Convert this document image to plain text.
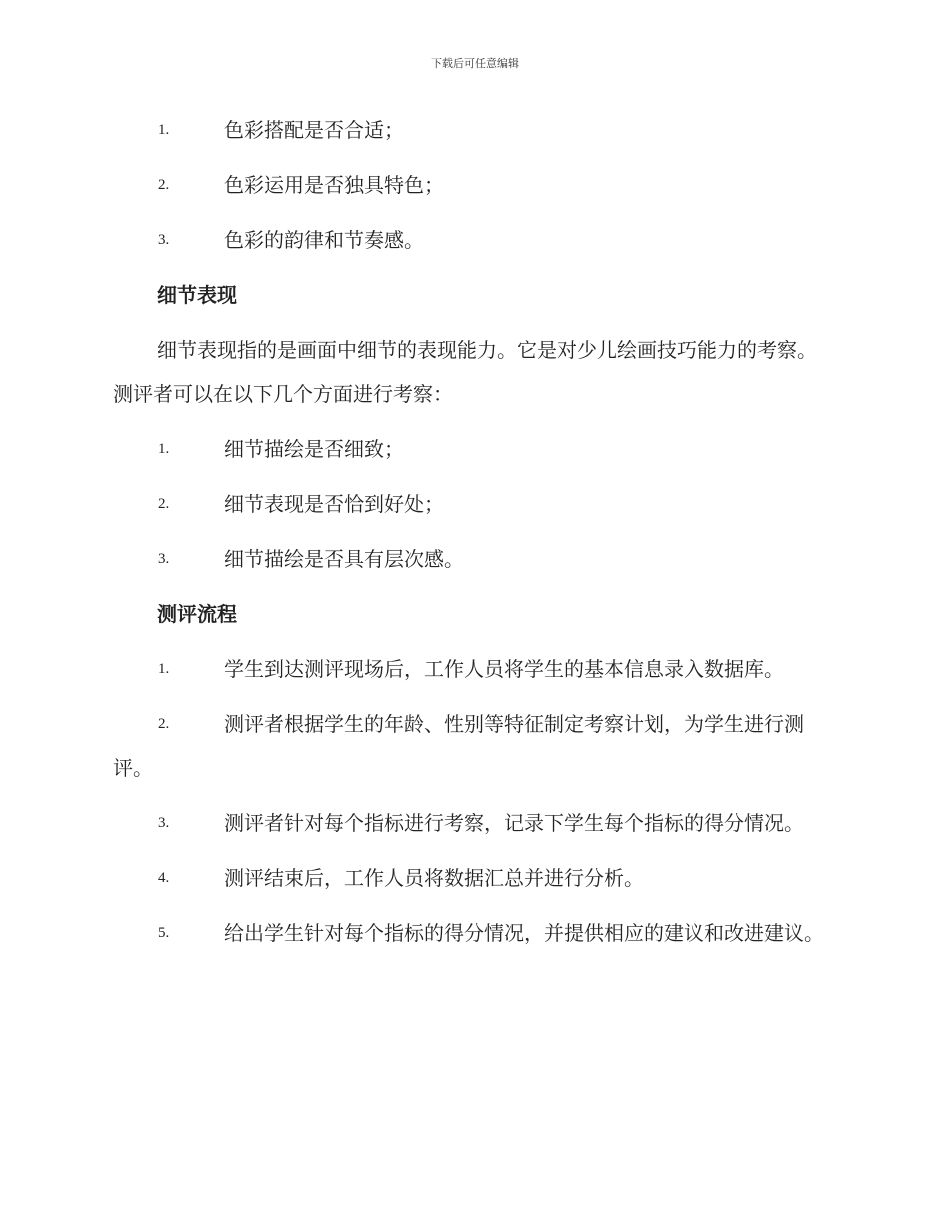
下载后可任意编辑
1.	色彩搭配是否合适；
2.	色彩运用是否独具特色；
3.	色彩的韵律和节奏感。
细节表现
细节表现指的是画面中细节的表现能力。它是对少儿绘画技巧能力的考察。测评者可以在以下几个方面进行考察：
1.	细节描绘是否细致；
2.	细节表现是否恰到好处；
3.	细节描绘是否具有层次感。
测评流程
1.	学生到达测评现场后，工作人员将学生的基本信息录入数据库。
2.	测评者根据学生的年龄、性别等特征制定考察计划，为学生进行测评。
3.	测评者针对每个指标进行考察，记录下学生每个指标的得分情况。
4.	测评结束后，工作人员将数据汇总并进行分析。
5.	给出学生针对每个指标的得分情况，并提供相应的建议和改进建议。
